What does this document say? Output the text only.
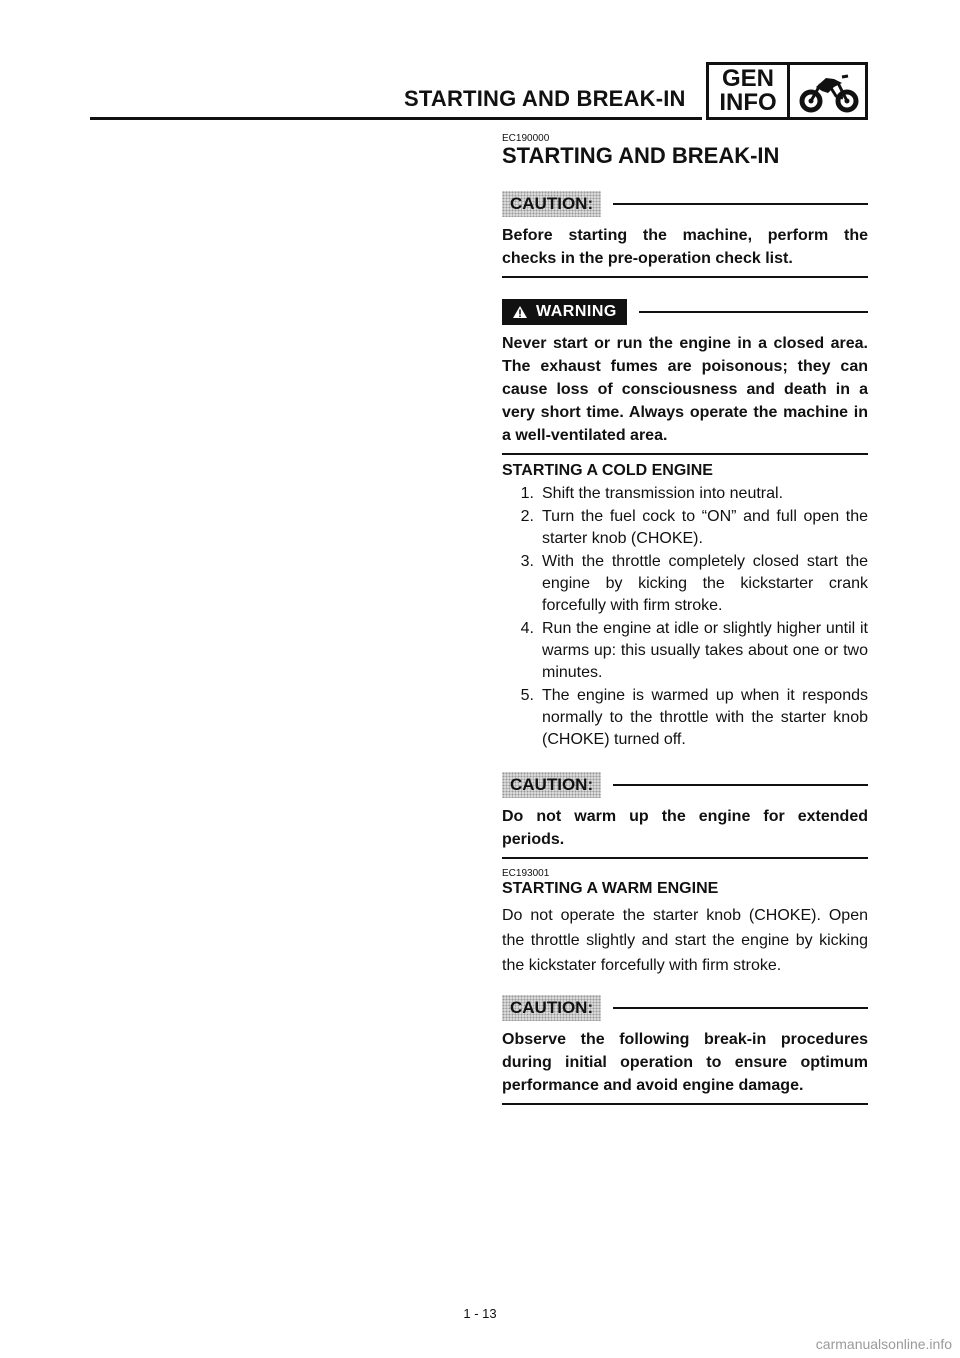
STARTING AND BREAK-IN
GEN
INFO

EC190000

STARTING AND BREAK-IN
CAUTION:

Before starting the machine, perform the checks in the pre-operation check list.

WARNING

Never start or run the engine in a closed area. The exhaust fumes are poisonous; they can cause loss of consciousness and death in a very short time. Always operate the machine in a well-ventilated area.

STARTING A COLD ENGINE
1. Shift the transmission into neutral.
2. Turn the fuel cock to “ON” and full open the starter knob (CHOKE).
3. With the throttle completely closed start the engine by kicking the kickstarter crank forcefully with firm stroke.
4. Run the engine at idle or slightly higher until it warms up: this usually takes about one or two minutes.
5. The engine is warmed up when it responds normally to the throttle with the starter knob (CHOKE) turned off.
CAUTION:

Do not warm up the engine for extended periods.

EC193001

STARTING A WARM ENGINE

Do not operate the starter knob (CHOKE). Open the throttle slightly and start the engine by kicking the kickstater forcefully with firm stroke.

CAUTION:

Observe the following break-in procedures during initial operation to ensure optimum performance and avoid engine damage.

1 - 13
carmanualsonline.info
